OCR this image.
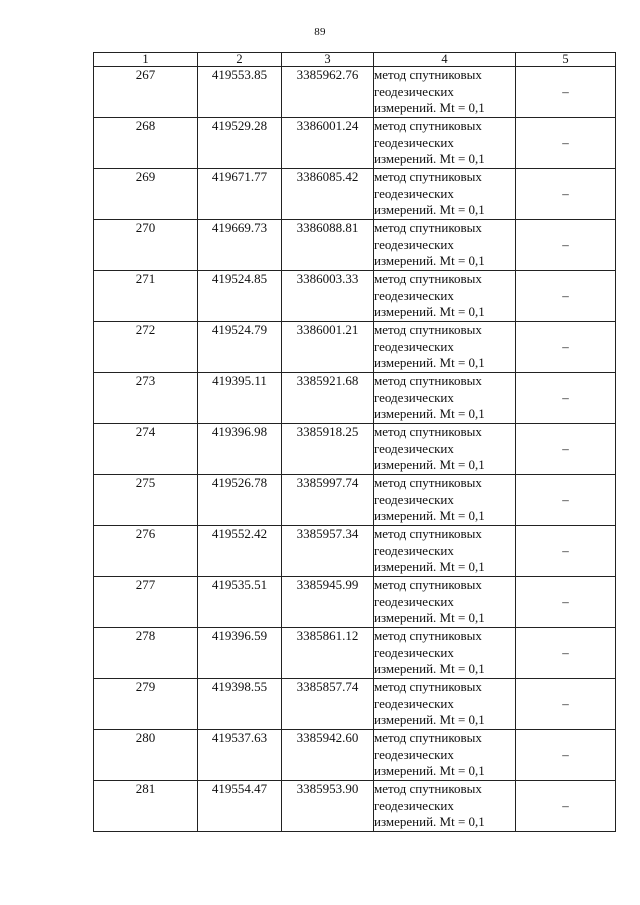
89
1	2	3	4	5
267	419553.85	3385962.76	метод спутниковых
геодезических
измерений. Mt = 0,1	–
268	419529.28	3386001.24	метод спутниковых
геодезических
измерений. Mt = 0,1	–
269	419671.77	3386085.42	метод спутниковых
геодезических
измерений. Mt = 0,1	–
270	419669.73	3386088.81	метод спутниковых
геодезических
измерений. Mt = 0,1	–
271	419524.85	3386003.33	метод спутниковых
геодезических
измерений. Mt = 0,1	–
272	419524.79	3386001.21	метод спутниковых
геодезических
измерений. Mt = 0,1	–
273	419395.11	3385921.68	метод спутниковых
геодезических
измерений. Mt = 0,1	–
274	419396.98	3385918.25	метод спутниковых
геодезических
измерений. Mt = 0,1	–
275	419526.78	3385997.74	метод спутниковых
геодезических
измерений. Mt = 0,1	–
276	419552.42	3385957.34	метод спутниковых
геодезических
измерений. Mt = 0,1	–
277	419535.51	3385945.99	метод спутниковых
геодезических
измерений. Mt = 0,1	–
278	419396.59	3385861.12	метод спутниковых
геодезических
измерений. Mt = 0,1	–
279	419398.55	3385857.74	метод спутниковых
геодезических
измерений. Mt = 0,1	–
280	419537.63	3385942.60	метод спутниковых
геодезических
измерений. Mt = 0,1	–
281	419554.47	3385953.90	метод спутниковых
геодезических
измерений. Mt = 0,1	–
